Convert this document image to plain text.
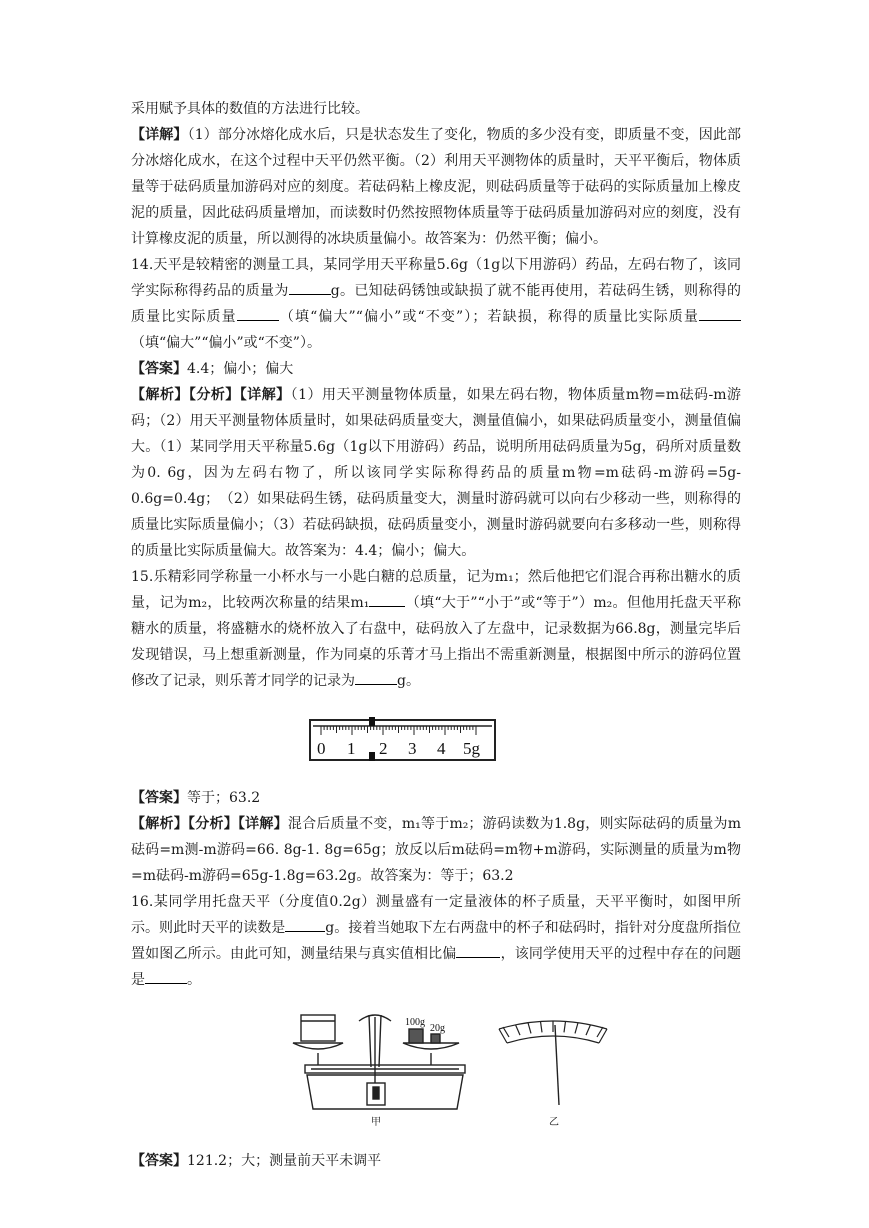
采用赋予具体的数值的方法进行比较。

【详解】（1）部分冰熔化成水后，只是状态发生了变化，物质的多少没有变，即质量不变，因此部分冰熔化成水，在这个过程中天平仍然平衡。（2）利用天平测物体的质量时，天平平衡后，物体质量等于砝码质量加游码对应的刻度。若砝码粘上橡皮泥，则砝码质量等于砝码的实际质量加上橡皮泥的质量，因此砝码质量增加，而读数时仍然按照物体质量等于砝码质量加游码对应的刻度，没有计算橡皮泥的质量，所以测得的冰块质量偏小。故答案为：仍然平衡；偏小。

14.天平是较精密的测量工具，某同学用天平称量5.6g（1g以下用游码）药品，左码右物了，该同学实际称得药品的质量为	g。已知砝码锈蚀或缺损了就不能再使用，若砝码生锈，则称得的质量比实际质量	（填“偏大”“偏小”或“不变”）；若缺损，称得的质量比实际质量（填“偏大”“偏小”或“不变”）。

【答案】4.4；偏小；偏大

【解析】【分析】【详解】（1）用天平测量物体质量，如果左码右物，物体质量m物=m砝码-m游码；（2）用天平测量物体质量时，如果砝码质量变大，测量值偏小，如果砝码质量变小，测量值偏大。（1）某同学用天平称量5.6g（1g以下用游码）药品，说明所用砝码质量为5g，码所对质量数为0. 6g，因为左码右物了，所以该同学实际称得药品的质量m物=m砝码-m游码=5g-0.6g=0.4g；　（2）如果砝码生锈，砝码质量变大，测量时游码就可以向右少移动一些，则称得的质量比实际质量偏小；（3）若砝码缺损，砝码质量变小，测量时游码就要向右多移动一些，则称得的质量比实际质量偏大。故答案为：4.4；偏小；偏大。

15.乐精彩同学称量一小杯水与一小匙白糖的总质量，记为m₁；然后他把它们混合再称出糖水的质量，记为m₂，比较两次称量的结果m₁	（填“大于”“小于”或“等于”）m₂。但他用托盘天平称糖水的质量，将盛糖水的烧杯放入了右盘中，砝码放入了左盘中，记录数据为66.8g，测量完毕后发现错误，马上想重新测量，作为同桌的乐菁才马上指出不需重新测量，根据图中所示的游码位置修改了记录，则乐菁才同学的记录为	g。

0 1 2 3 4 5g

【答案】等于；63.2

【解析】【分析】【详解】混合后质量不变，m₁等于m₂；游码读数为1.8g，则实际砝码的质量为m砝码=m测-m游码=66. 8g-1. 8g=65g；放反以后m砝码=m物+m游码，实际测量的质量为m物=m砝码-m游码=65g-1.8g=63.2g。故答案为：等于；63.2

16.某同学用托盘天平（分度值0.2g）测量盛有一定量液体的杯子质量，天平平衡时，如图甲所示。则此时天平的读数是	g。接着当她取下左右两盘中的杯子和砝码时，指针对分度盘所指位置如图乙所示。由此可知，测量结果与真实值相比偏	，该同学使用天平的过程中存在的问题是	。

100g
20g
甲	乙

【答案】121.2；大；测量前天平未调平
